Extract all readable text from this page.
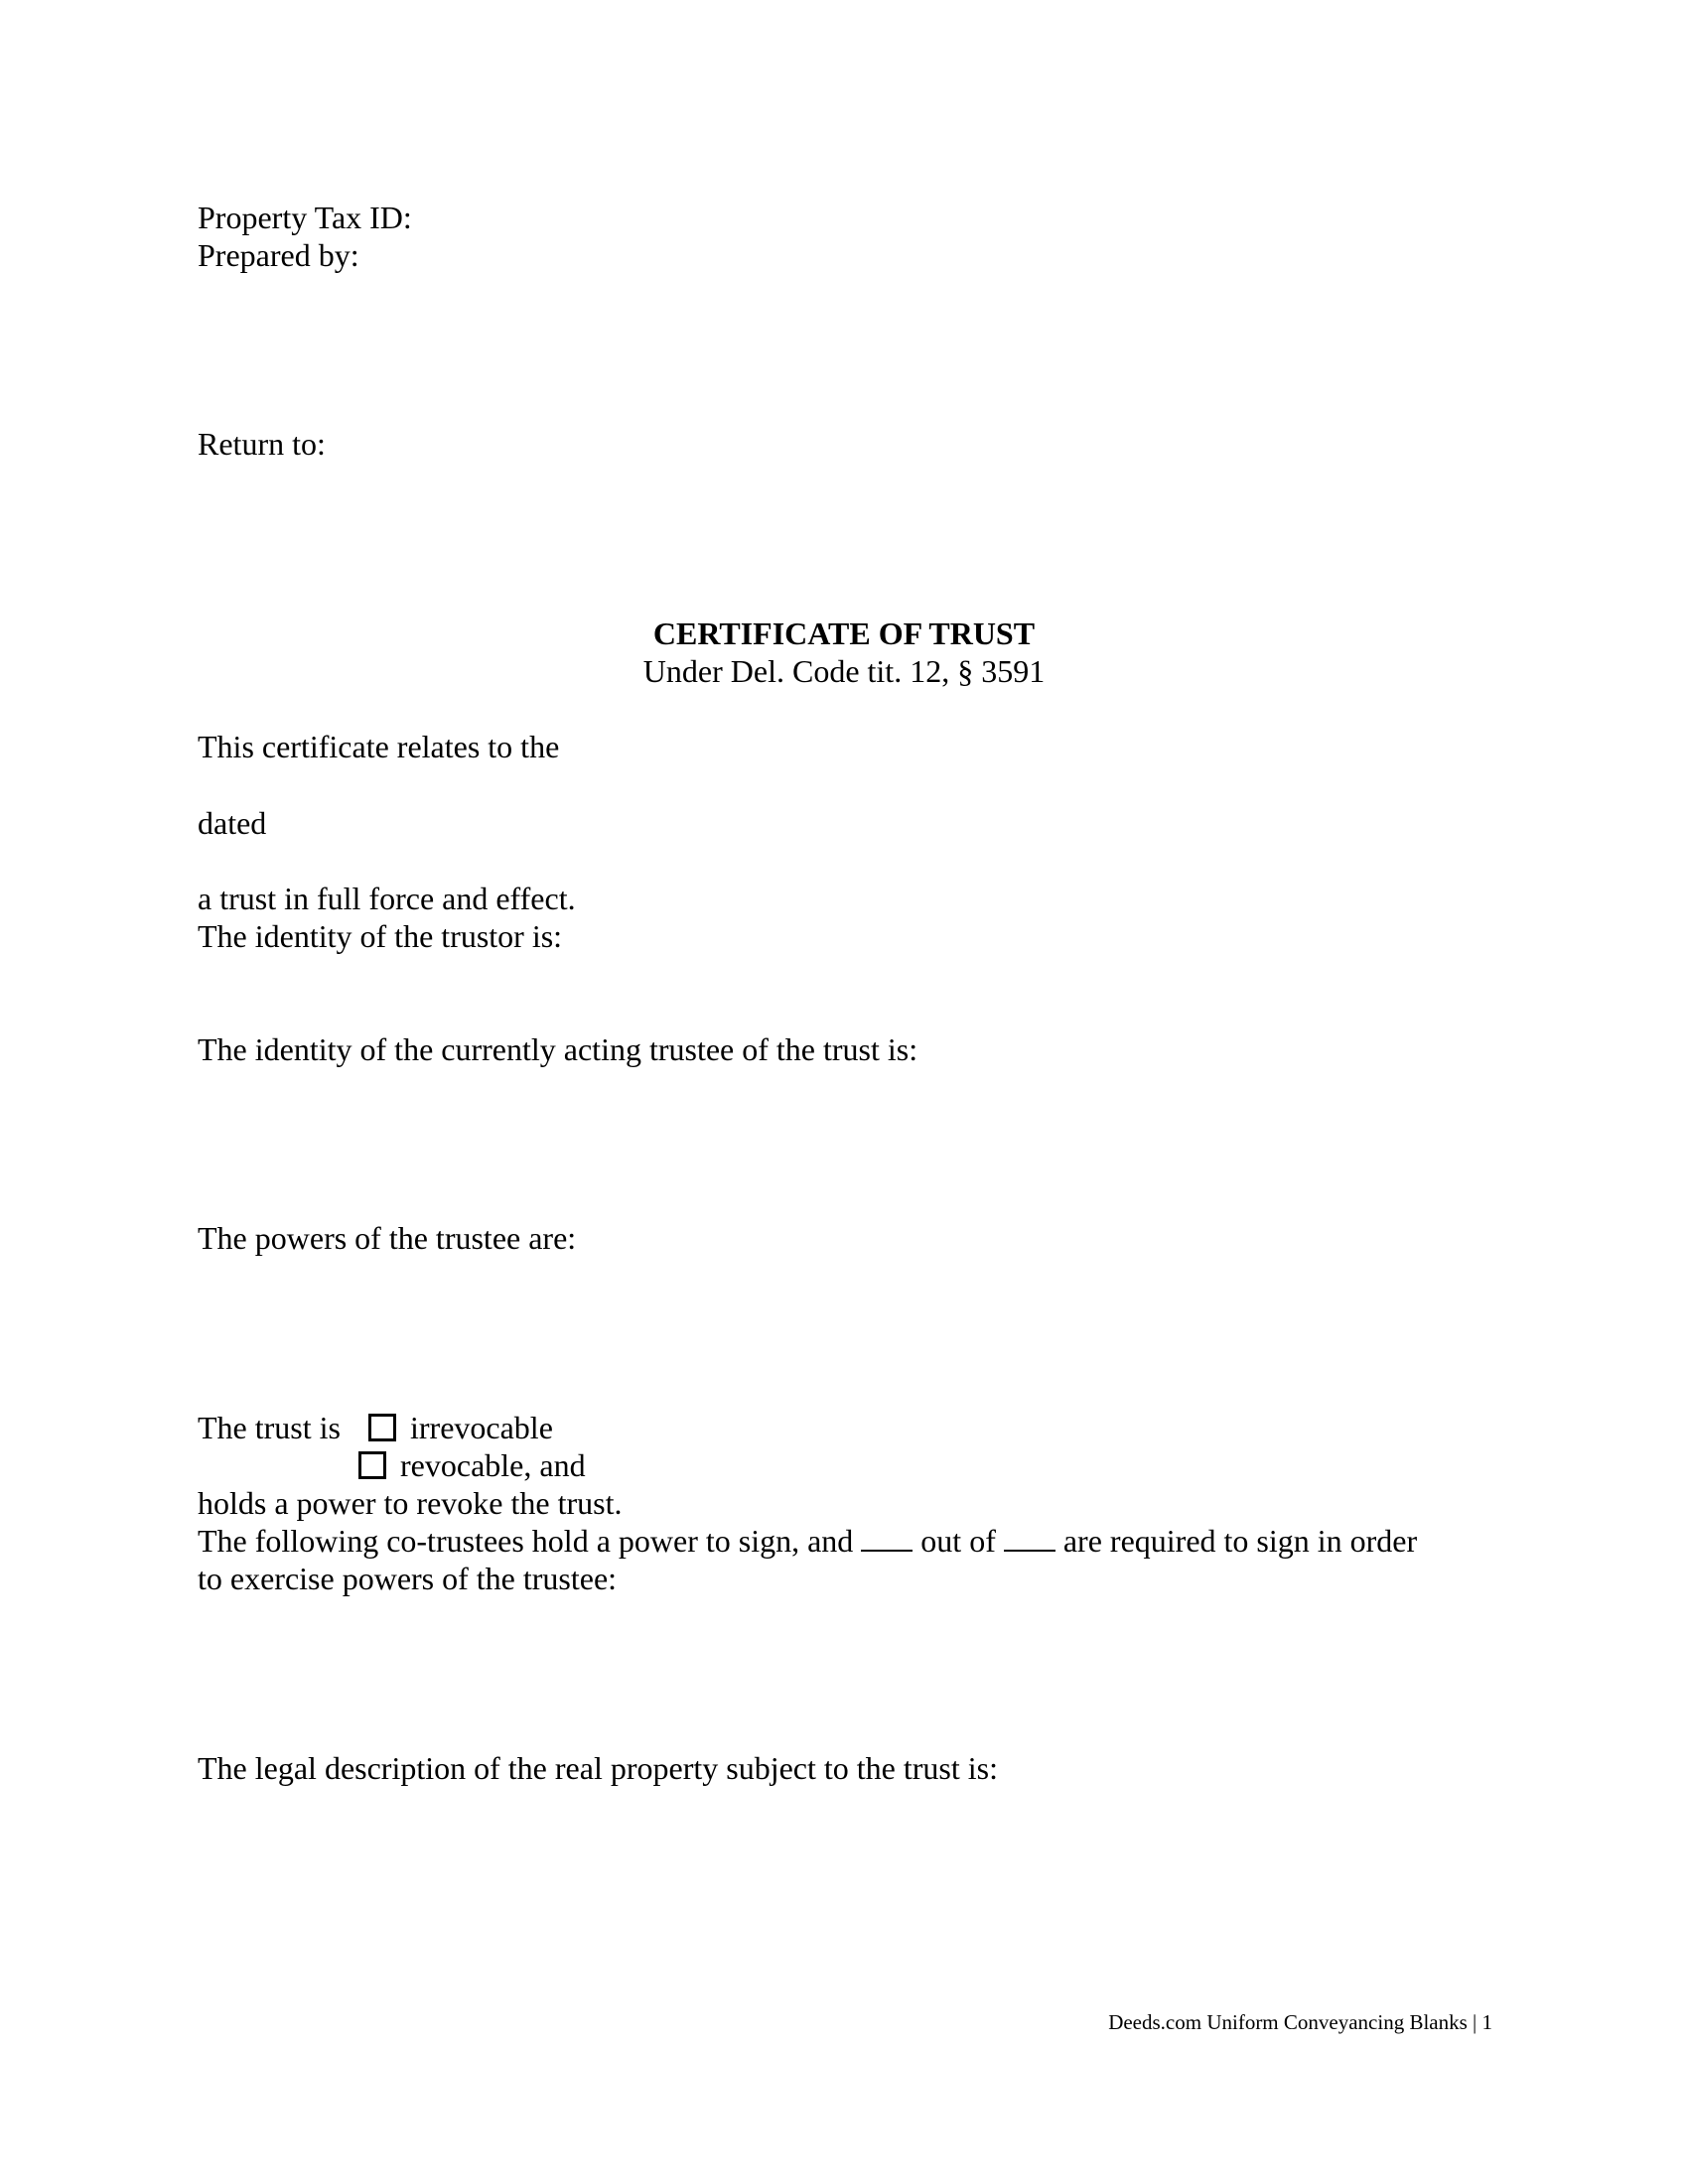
Property Tax ID:
Prepared by:
Return to:
CERTIFICATE OF TRUST
Under Del. Code tit. 12, § 3591
This certificate relates to the
dated
a trust in full force and effect.
The identity of the trustor is:
The identity of the currently acting trustee of the trust is:
The powers of the trustee are:
The trust is irrevocable
revocable, and
holds a power to revoke the trust.
The following co-trustees hold a power to sign, and out of are required to sign in order
to exercise powers of the trustee:
The legal description of the real property subject to the trust is:
Deeds.com Uniform Conveyancing Blanks | 1
